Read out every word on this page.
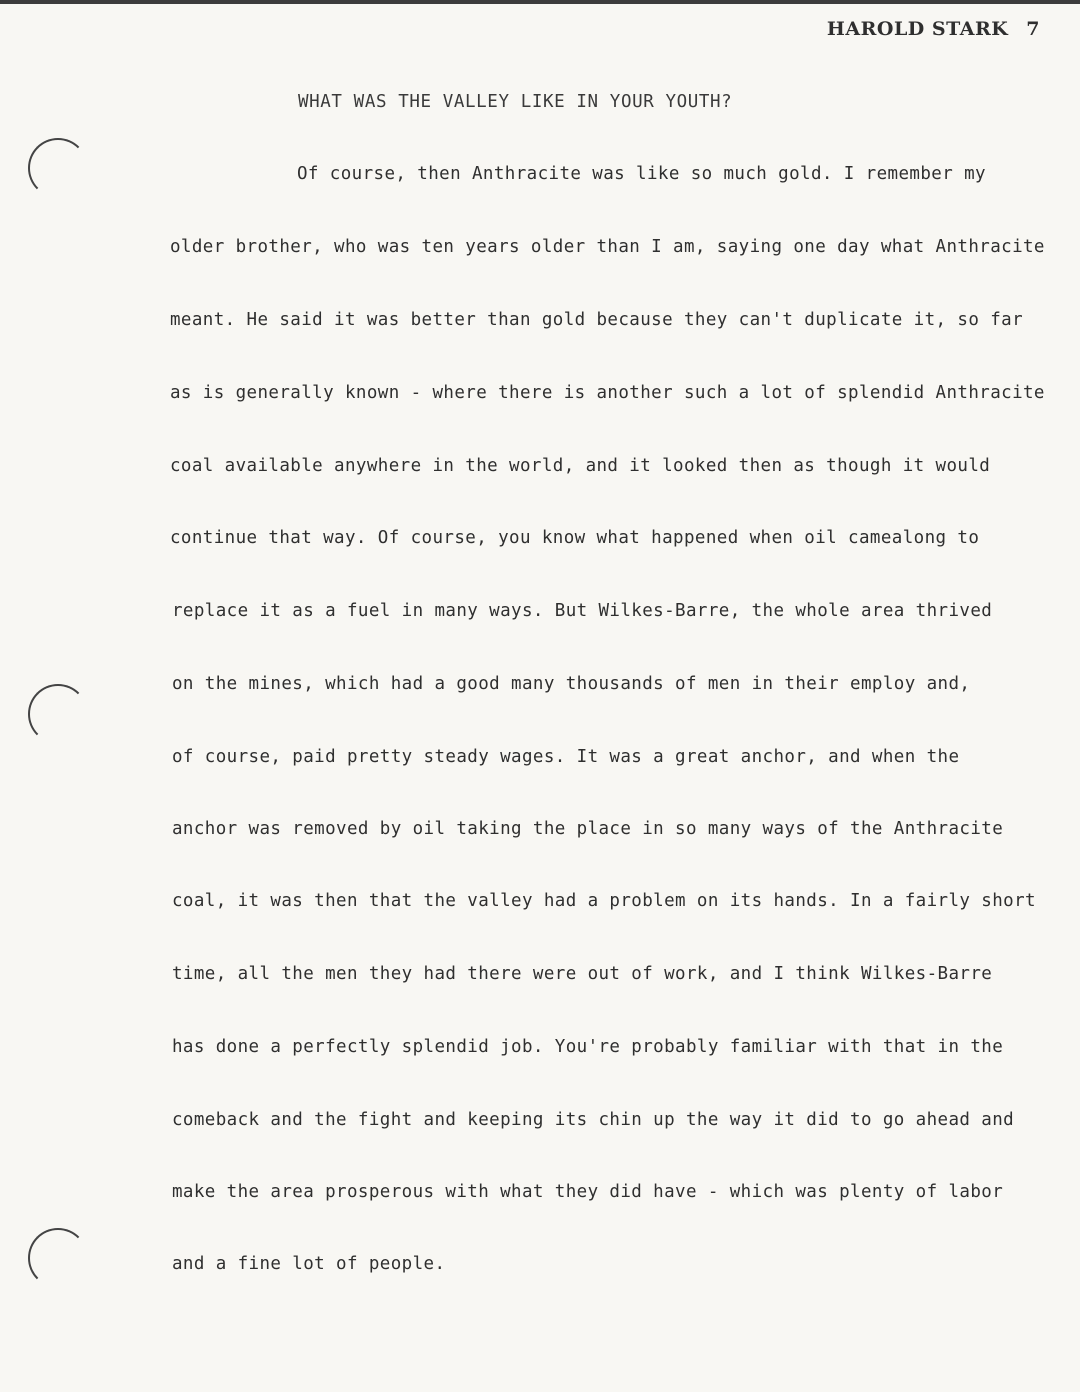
HAROLD STARK 7
WHAT WAS THE VALLEY LIKE IN YOUR YOUTH?
Of course, then Anthracite was like so much gold. I remember my
older brother, who was ten years older than I am, saying one day what Anthracite
meant. He said it was better than gold because they can't duplicate it, so far
as is generally known - where there is another such a lot of splendid Anthracite
coal available anywhere in the world, and it looked then as though it would
continue that way. Of course, you know what happened when oil camealong to
replace it as a fuel in many ways. But Wilkes-Barre, the whole area thrived
on the mines, which had a good many thousands of men in their employ and,
of course, paid pretty steady wages. It was a great anchor, and when the
anchor was removed by oil taking the place in so many ways of the Anthracite
coal, it was then that the valley had a problem on its hands. In a fairly short
time, all the men they had there were out of work, and I think Wilkes-Barre
has done a perfectly splendid job. You're probably familiar with that in the
comeback and the fight and keeping its chin up the way it did to go ahead and
make the area prosperous with what they did have - which was plenty of labor
and a fine lot of people.
